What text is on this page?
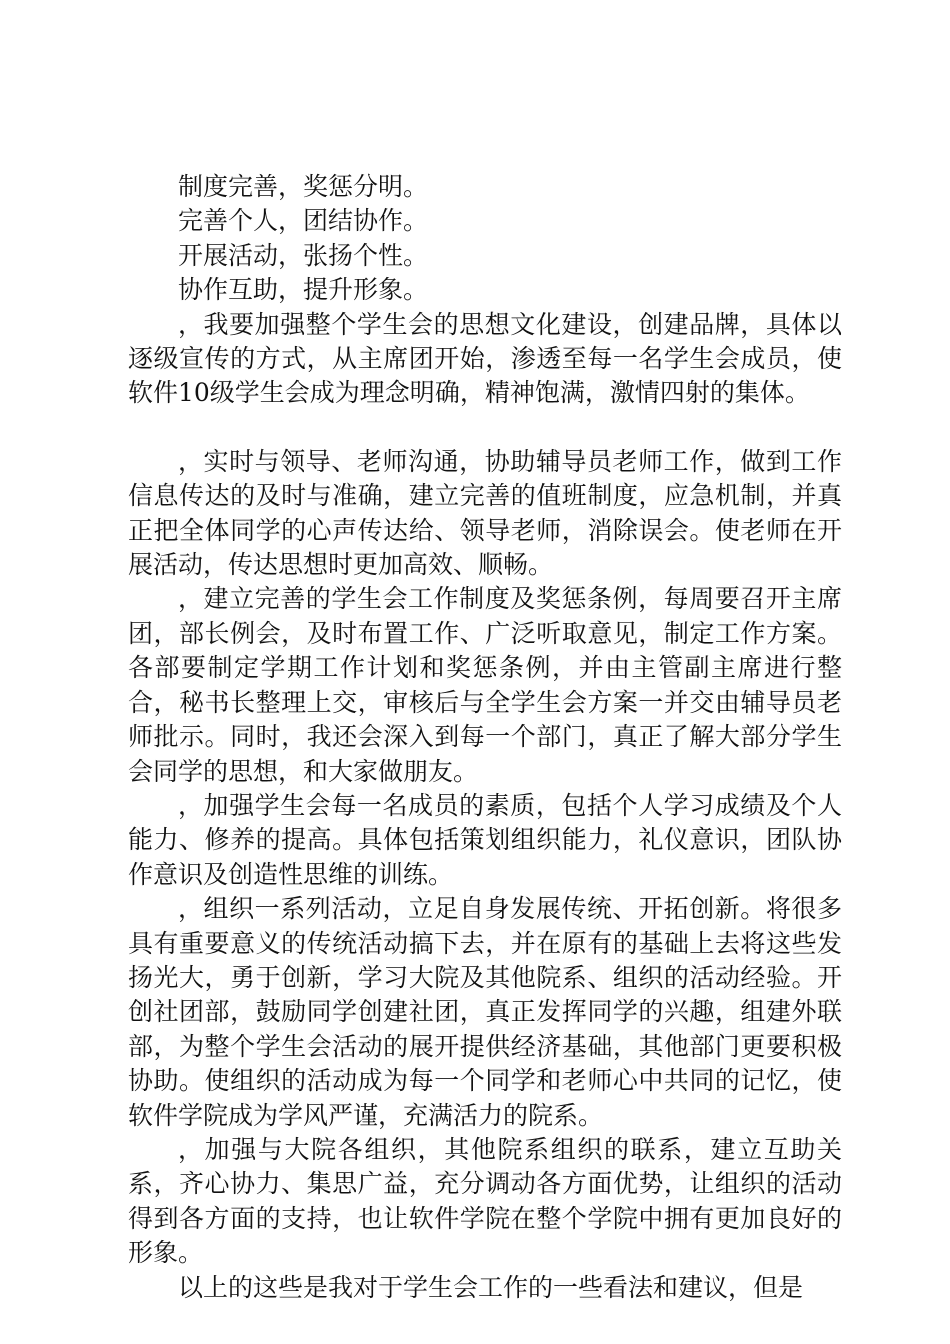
制度完善，奖惩分明。

完善个人，团结协作。

开展活动，张扬个性。

协作互助，提升形象。

，我要加强整个学生会的思想文化建设，创建品牌，具体以逐级宣传的方式，从主席团开始，渗透至每一名学生会成员，使软件10级学生会成为理念明确，精神饱满，激情四射的集体。

，实时与领导、老师沟通，协助辅导员老师工作，做到工作信息传达的及时与准确，建立完善的值班制度，应急机制，并真正把全体同学的心声传达给、领导老师，消除误会。使老师在开展活动，传达思想时更加高效、顺畅。

，建立完善的学生会工作制度及奖惩条例，每周要召开主席团，部长例会，及时布置工作、广泛听取意见，制定工作方案。各部要制定学期工作计划和奖惩条例，并由主管副主席进行整合，秘书长整理上交，审核后与全学生会方案一并交由辅导员老师批示。同时，我还会深入到每一个部门，真正了解大部分学生会同学的思想，和大家做朋友。

，加强学生会每一名成员的素质，包括个人学习成绩及个人能力、修养的提高。具体包括策划组织能力，礼仪意识，团队协作意识及创造性思维的训练。

，组织一系列活动，立足自身发展传统、开拓创新。将很多具有重要意义的传统活动搞下去，并在原有的基础上去将这些发扬光大，勇于创新，学习大院及其他院系、组织的活动经验。开创社团部，鼓励同学创建社团，真正发挥同学的兴趣，组建外联部，为整个学生会活动的展开提供经济基础，其他部门更要积极协助。使组织的活动成为每一个同学和老师心中共同的记忆，使软件学院成为学风严谨，充满活力的院系。

，加强与大院各组织，其他院系组织的联系，建立互助关系，齐心协力、集思广益，充分调动各方面优势，让组织的活动得到各方面的支持，也让软件学院在整个学院中拥有更加良好的形象。

以上的这些是我对于学生会工作的一些看法和建议，但是
